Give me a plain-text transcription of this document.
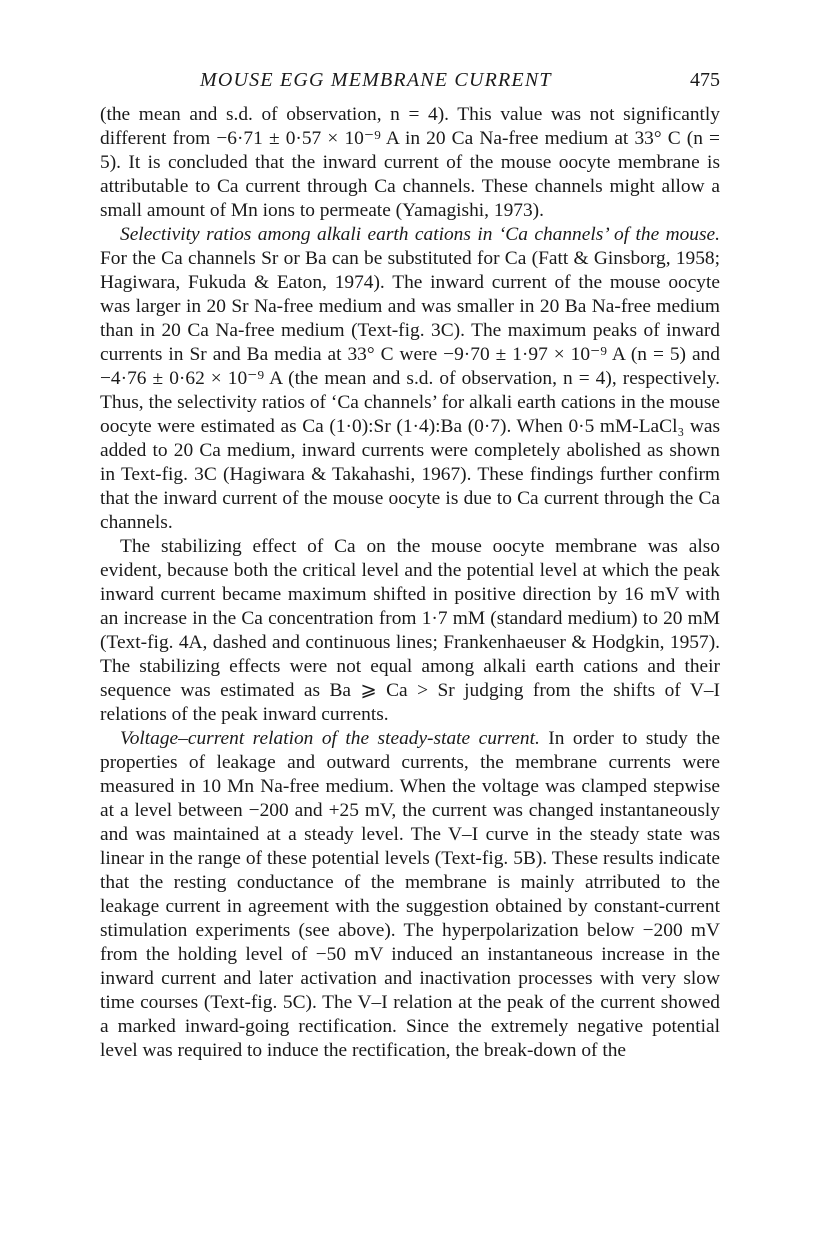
MOUSE EGG MEMBRANE CURRENT	475

(the mean and s.d. of observation, n = 4). This value was not significantly different from −6·71 ± 0·57 × 10⁻⁹ A in 20 Ca Na-free medium at 33° C (n = 5). It is concluded that the inward current of the mouse oocyte membrane is attributable to Ca current through Ca channels. These channels might allow a small amount of Mn ions to permeate (Yamagishi, 1973).

Selectivity ratios among alkali earth cations in ‘Ca channels’ of the mouse. For the Ca channels Sr or Ba can be substituted for Ca (Fatt & Ginsborg, 1958; Hagiwara, Fukuda & Eaton, 1974). The inward current of the mouse oocyte was larger in 20 Sr Na-free medium and was smaller in 20 Ba Na-free medium than in 20 Ca Na-free medium (Text-fig. 3C). The maximum peaks of inward currents in Sr and Ba media at 33° C were −9·70 ± 1·97 × 10⁻⁹ A (n = 5) and −4·76 ± 0·62 × 10⁻⁹ A (the mean and s.d. of observation, n = 4), respectively. Thus, the selectivity ratios of ‘Ca channels’ for alkali earth cations in the mouse oocyte were estimated as Ca (1·0):Sr (1·4):Ba (0·7). When 0·5 mM-LaCl₃ was added to 20 Ca medium, inward currents were completely abolished as shown in Text-fig. 3C (Hagiwara & Takahashi, 1967). These findings further confirm that the inward current of the mouse oocyte is due to Ca current through the Ca channels.

The stabilizing effect of Ca on the mouse oocyte membrane was also evident, because both the critical level and the potential level at which the peak inward current became maximum shifted in positive direction by 16 mV with an increase in the Ca concentration from 1·7 mM (standard medium) to 20 mM (Text-fig. 4A, dashed and continuous lines; Frankenhaeuser & Hodgkin, 1957). The stabilizing effects were not equal among alkali earth cations and their sequence was estimated as Ba ⩾ Ca > Sr judging from the shifts of V–I relations of the peak inward currents.

Voltage–current relation of the steady-state current. In order to study the properties of leakage and outward currents, the membrane currents were measured in 10 Mn Na-free medium. When the voltage was clamped stepwise at a level between −200 and +25 mV, the current was changed instantaneously and was maintained at a steady level. The V–I curve in the steady state was linear in the range of these potential levels (Text-fig. 5B). These results indicate that the resting conductance of the membrane is mainly atrributed to the leakage current in agreement with the suggestion obtained by constant-current stimulation experiments (see above). The hyperpolarization below −200 mV from the holding level of −50 mV induced an instantaneous increase in the inward current and later activation and inactivation processes with very slow time courses (Text-fig. 5C). The V–I relation at the peak of the current showed a marked inward-going rectification. Since the extremely negative potential level was required to induce the rectification, the break-down of the
